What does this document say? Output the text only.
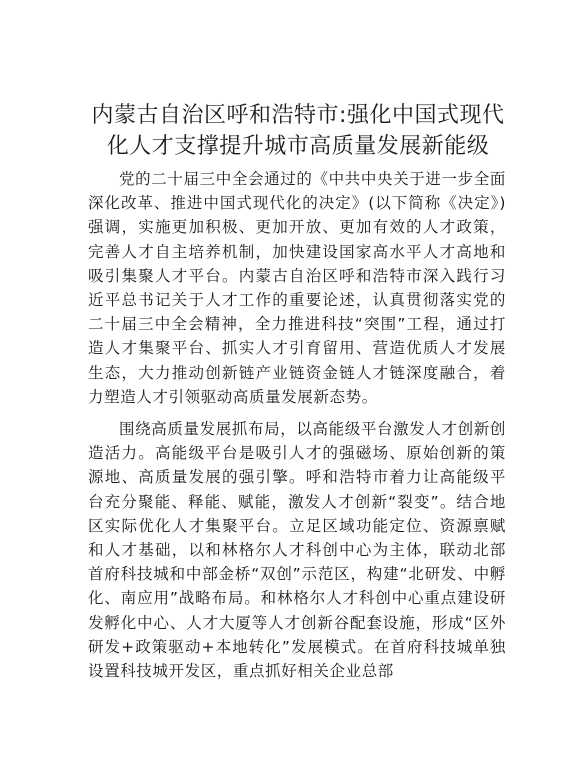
内蒙古自治区呼和浩特市:强化中国式现代化人才支撑提升城市高质量发展新能级

党的二十届三中全会通过的《中共中央关于进一步全面深化改革、推进中国式现代化的决定》(以下简称《决定》)强调，实施更加积极、更加开放、更加有效的人才政策，完善人才自主培养机制，加快建设国家高水平人才高地和吸引集聚人才平台。内蒙古自治区呼和浩特市深入践行习近平总书记关于人才工作的重要论述，认真贯彻落实党的二十届三中全会精神，全力推进科技“突围”工程，通过打造人才集聚平台、抓实人才引育留用、营造优质人才发展生态，大力推动创新链产业链资金链人才链深度融合，着力塑造人才引领驱动高质量发展新态势。

围绕高质量发展抓布局，以高能级平台激发人才创新创造活力。高能级平台是吸引人才的强磁场、原始创新的策源地、高质量发展的强引擎。呼和浩特市着力让高能级平台充分聚能、释能、赋能，激发人才创新“裂变”。结合地区实际优化人才集聚平台。立足区域功能定位、资源禀赋和人才基础，以和林格尔人才科创中心为主体，联动北部首府科技城和中部金桥“双创”示范区，构建“北研发、中孵化、南应用”战略布局。和林格尔人才科创中心重点建设研发孵化中心、人才大厦等人才创新谷配套设施，形成“区外研发+政策驱动+本地转化”发展模式。在首府科技城单独设置科技城开发区，重点抓好相关企业总部
